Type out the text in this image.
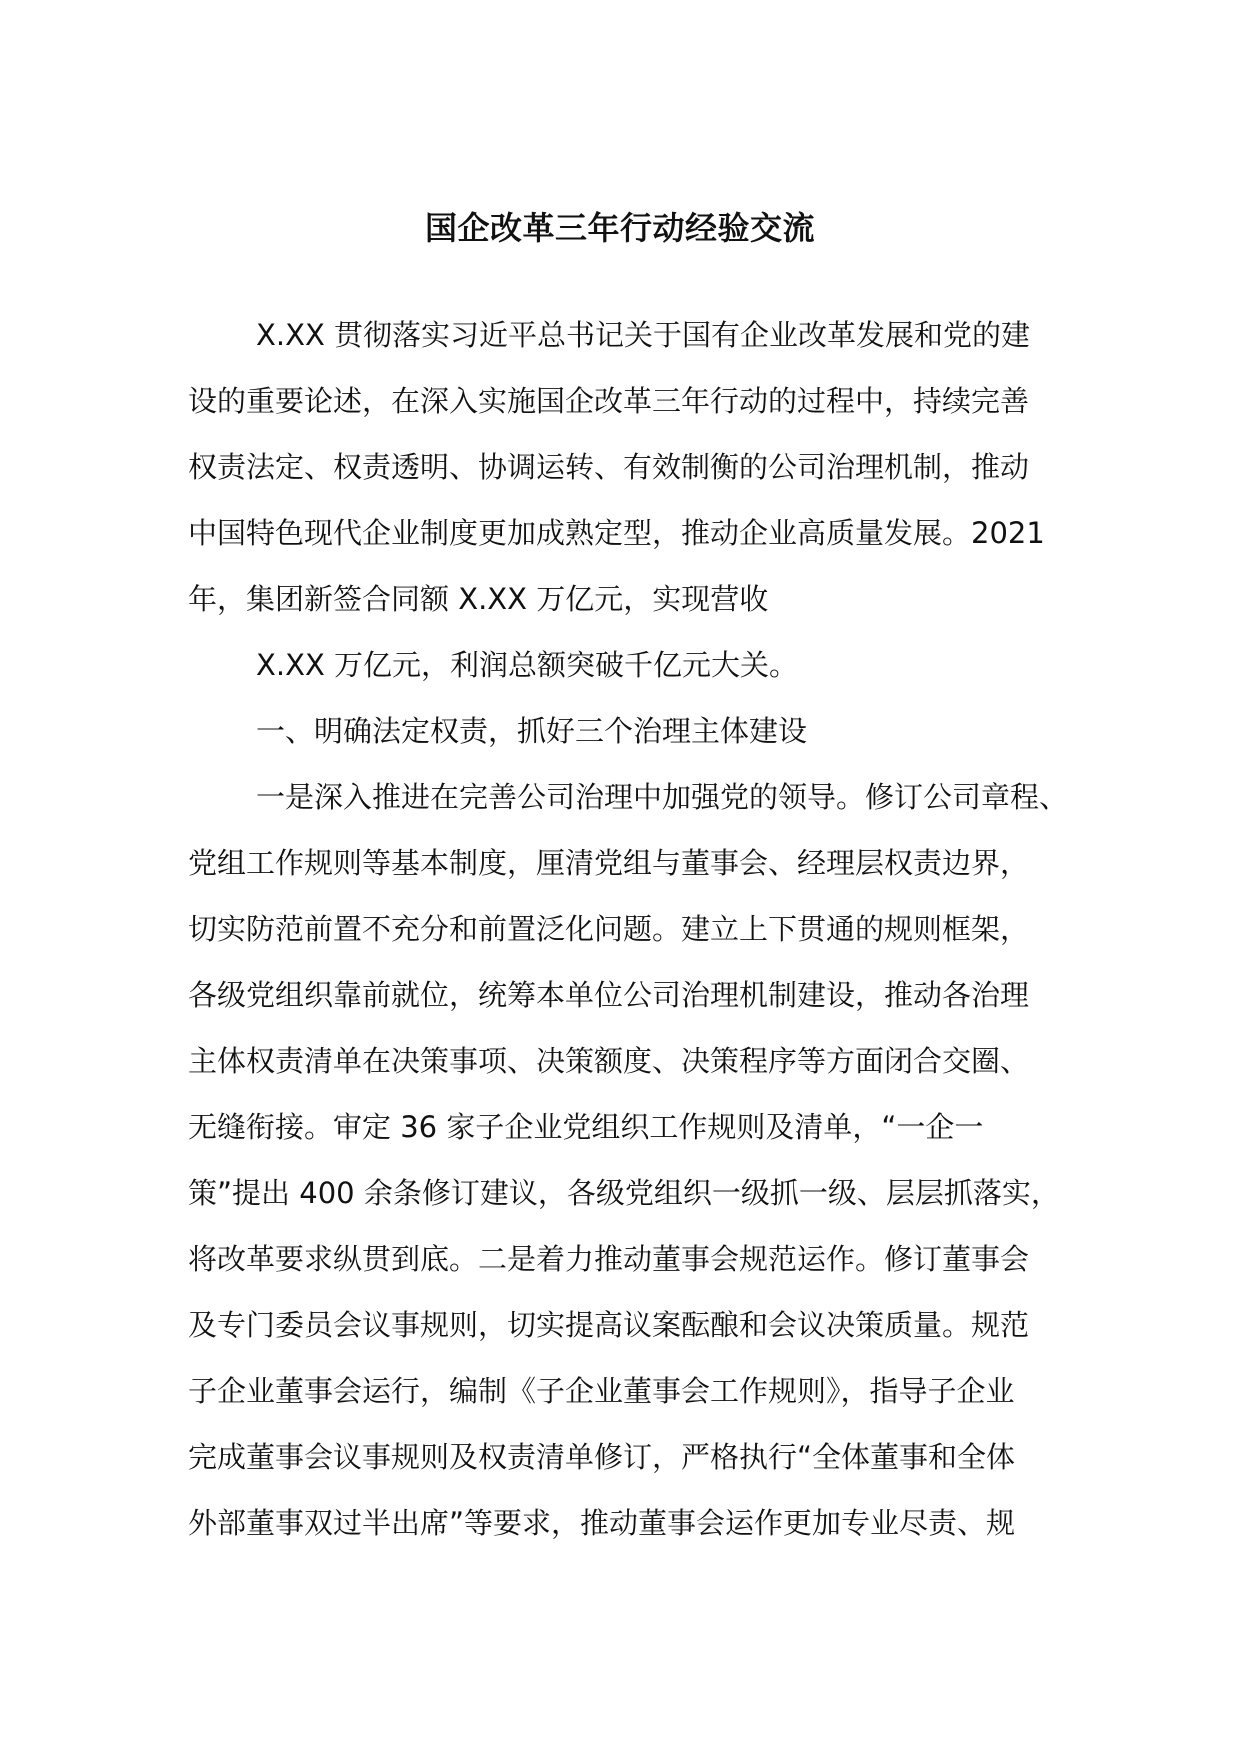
国企改革三年行动经验交流
X.XX 贯彻落实习近平总书记关于国有企业改革发展和党的建
设的重要论述，在深入实施国企改革三年行动的过程中，持续完善
权责法定、权责透明、协调运转、有效制衡的公司治理机制，推动
中国特色现代企业制度更加成熟定型，推动企业高质量发展。2021
年，集团新签合同额 X.XX 万亿元，实现营收
X.XX 万亿元，利润总额突破千亿元大关。
一、明确法定权责，抓好三个治理主体建设
一是深入推进在完善公司治理中加强党的领导。修订公司章程、
党组工作规则等基本制度，厘清党组与董事会、经理层权责边界，
切实防范前置不充分和前置泛化问题。建立上下贯通的规则框架，
各级党组织靠前就位，统筹本单位公司治理机制建设，推动各治理
主体权责清单在决策事项、决策额度、决策程序等方面闭合交圈、
无缝衔接。审定 36 家子企业党组织工作规则及清单，“一企一
策”提出 400 余条修订建议，各级党组织一级抓一级、层层抓落实，
将改革要求纵贯到底。二是着力推动董事会规范运作。修订董事会
及专门委员会议事规则，切实提高议案酝酿和会议决策质量。规范
子企业董事会运行，编制《子企业董事会工作规则》，指导子企业
完成董事会议事规则及权责清单修订，严格执行“全体董事和全体
外部董事双过半出席”等要求，推动董事会运作更加专业尽责、规
